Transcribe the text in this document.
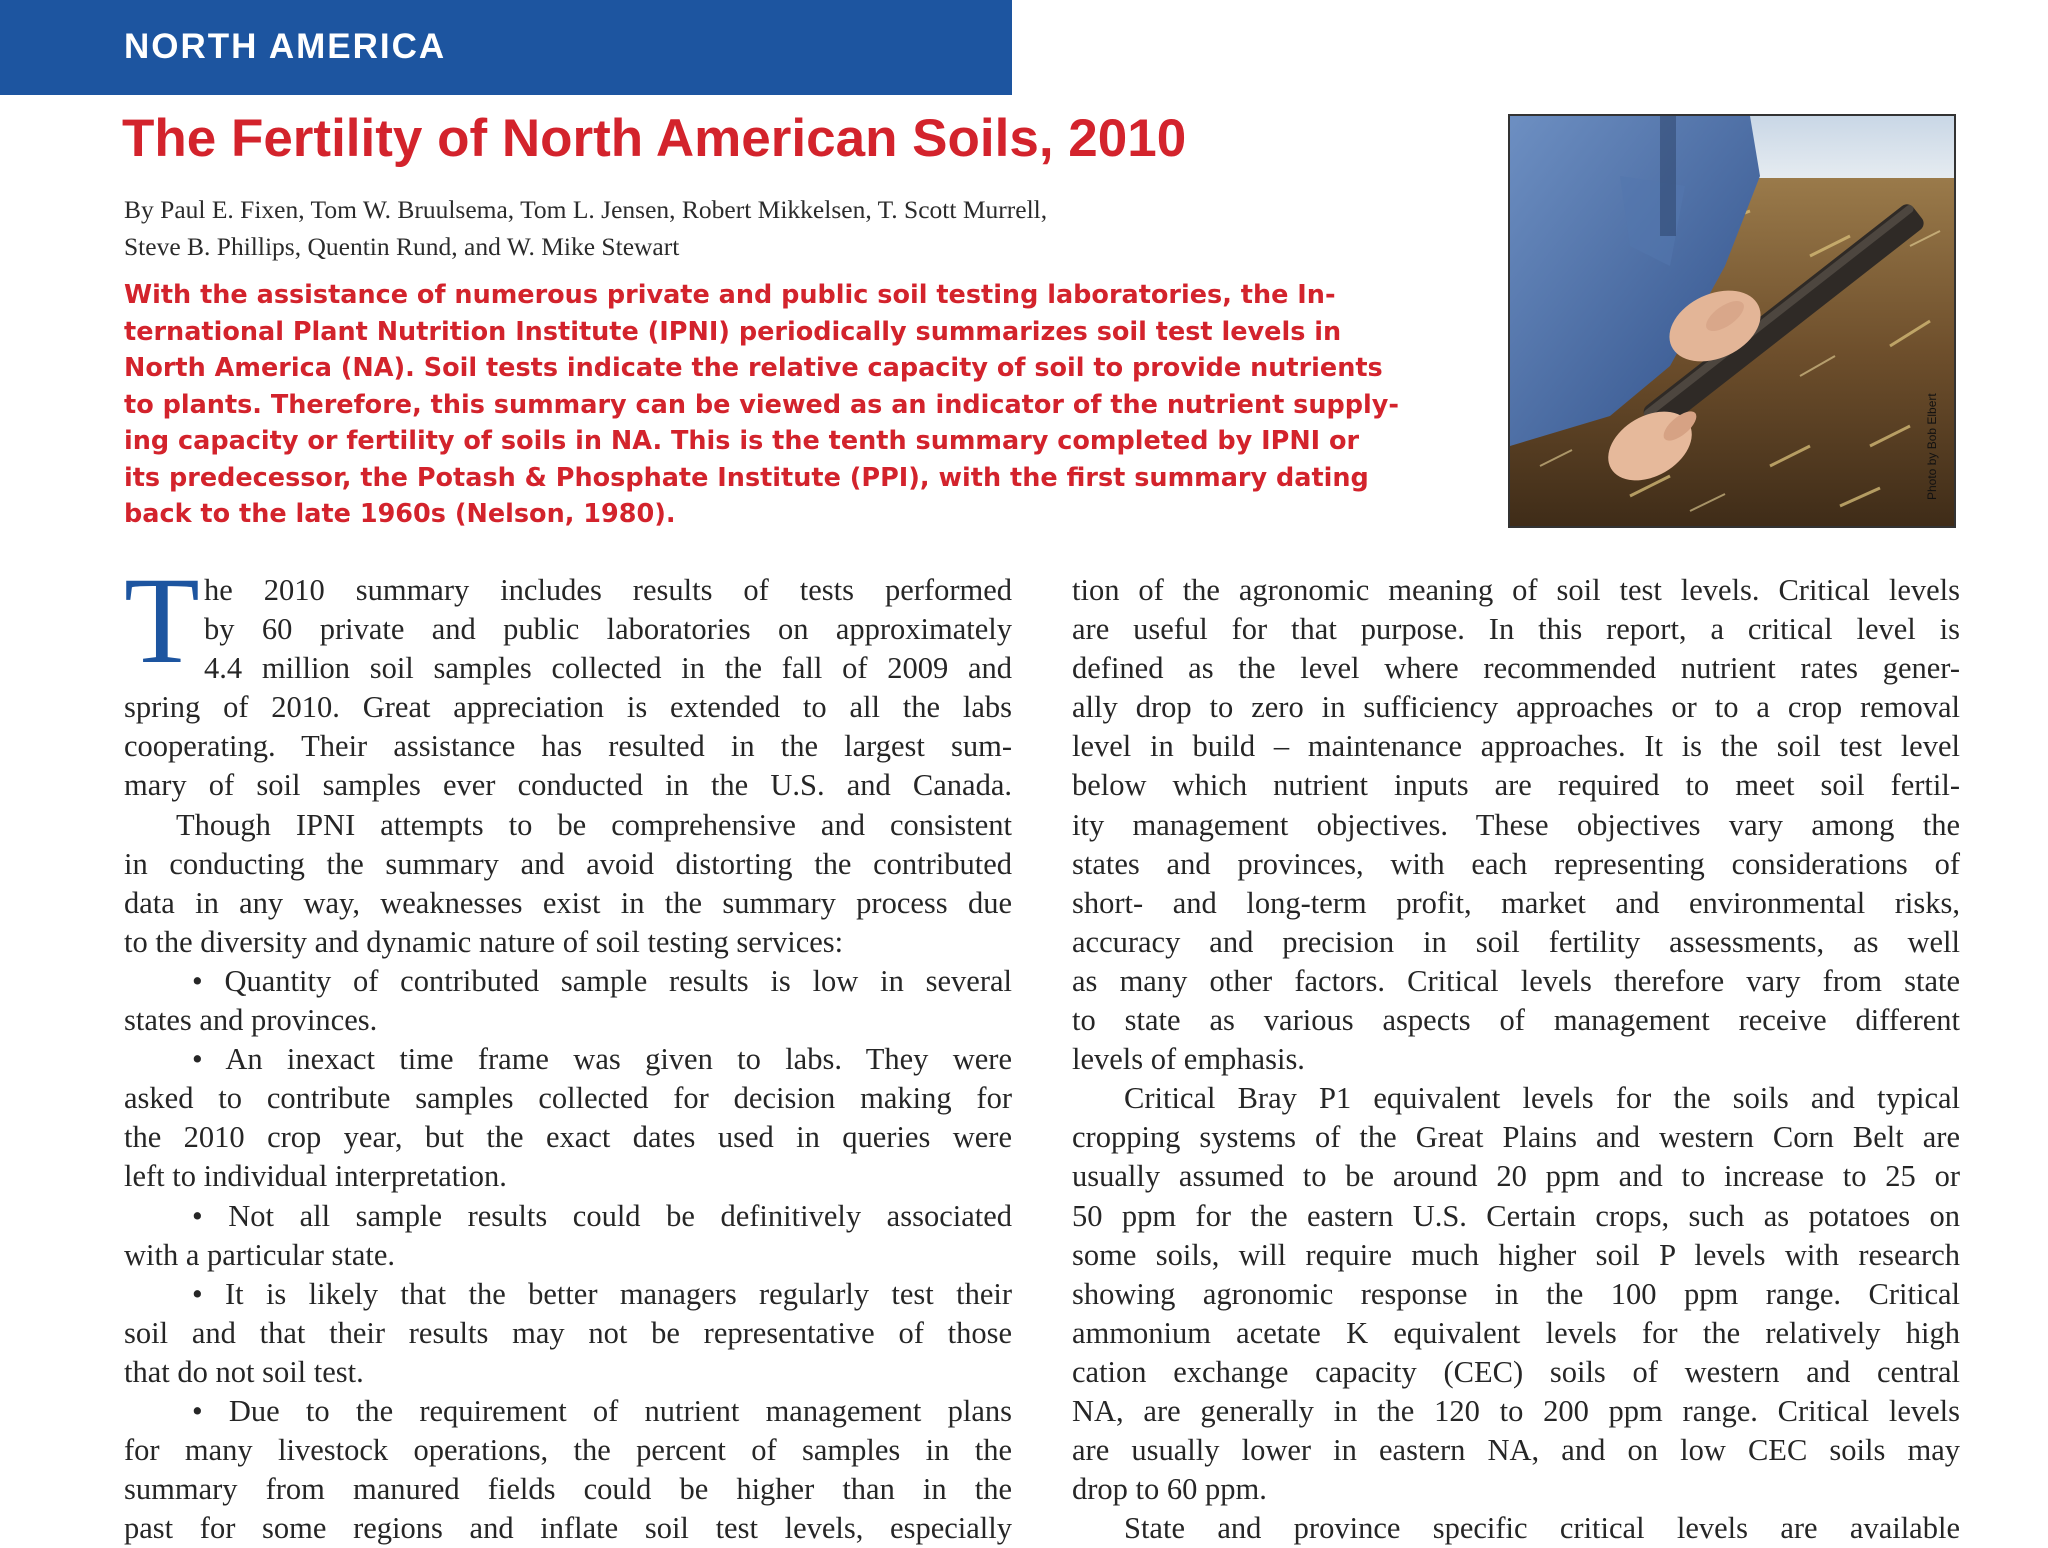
NORTH AMERICA
The Fertility of North American Soils, 2010
By Paul E. Fixen, Tom W. Bruulsema, Tom L. Jensen, Robert Mikkelsen, T. Scott Murrell,
Steve B. Phillips, Quentin Rund, and W. Mike Stewart
With the assistance of numerous private and public soil testing laboratories, the In-
ternational Plant Nutrition Institute (IPNI) periodically summarizes soil test levels in
North America (NA). Soil tests indicate the relative capacity of soil to provide nutrients
to plants. Therefore, this summary can be viewed as an indicator of the nutrient supply-
ing capacity or fertility of soils in NA. This is the tenth summary completed by IPNI or
its predecessor, the Potash & Phosphate Institute (PPI), with the first summary dating
back to the late 1960s (Nelson, 1980).
Photo by Bob Elbert
T he 2010 summary includes results of tests performed
by 60 private and public laboratories on approximately
4.4 million soil samples collected in the fall of 2009 and
spring of 2010. Great appreciation is extended to all the labs
cooperating. Their assistance has resulted in the largest sum-
mary of soil samples ever conducted in the U.S. and Canada.
Though IPNI attempts to be comprehensive and consistent
in conducting the summary and avoid distorting the contributed
data in any way, weaknesses exist in the summary process due
to the diversity and dynamic nature of soil testing services:
• Quantity of contributed sample results is low in several
states and provinces.
• An inexact time frame was given to labs. They were
asked to contribute samples collected for decision making for
the 2010 crop year, but the exact dates used in queries were
left to individual interpretation.
• Not all sample results could be definitively associated
with a particular state.
• It is likely that the better managers regularly test their
soil and that their results may not be representative of those
that do not soil test.
• Due to the requirement of nutrient management plans
for many livestock operations, the percent of samples in the
summary from manured fields could be higher than in the
past for some regions and inflate soil test levels, especially
tion of the agronomic meaning of soil test levels. Critical levels
are useful for that purpose. In this report, a critical level is
defined as the level where recommended nutrient rates gener-
ally drop to zero in sufficiency approaches or to a crop removal
level in build – maintenance approaches. It is the soil test level
below which nutrient inputs are required to meet soil fertil-
ity management objectives. These objectives vary among the
states and provinces, with each representing considerations of
short- and long-term profit, market and environmental risks,
accuracy and precision in soil fertility assessments, as well
as many other factors. Critical levels therefore vary from state
to state as various aspects of management receive different
levels of emphasis.
Critical Bray P1 equivalent levels for the soils and typical
cropping systems of the Great Plains and western Corn Belt are
usually assumed to be around 20 ppm and to increase to 25 or
50 ppm for the eastern U.S. Certain crops, such as potatoes on
some soils, will require much higher soil P levels with research
showing agronomic response in the 100 ppm range. Critical
ammonium acetate K equivalent levels for the relatively high
cation exchange capacity (CEC) soils of western and central
NA, are generally in the 120 to 200 ppm range. Critical levels
are usually lower in eastern NA, and on low CEC soils may
drop to 60 ppm.
State and province specific critical levels are available
